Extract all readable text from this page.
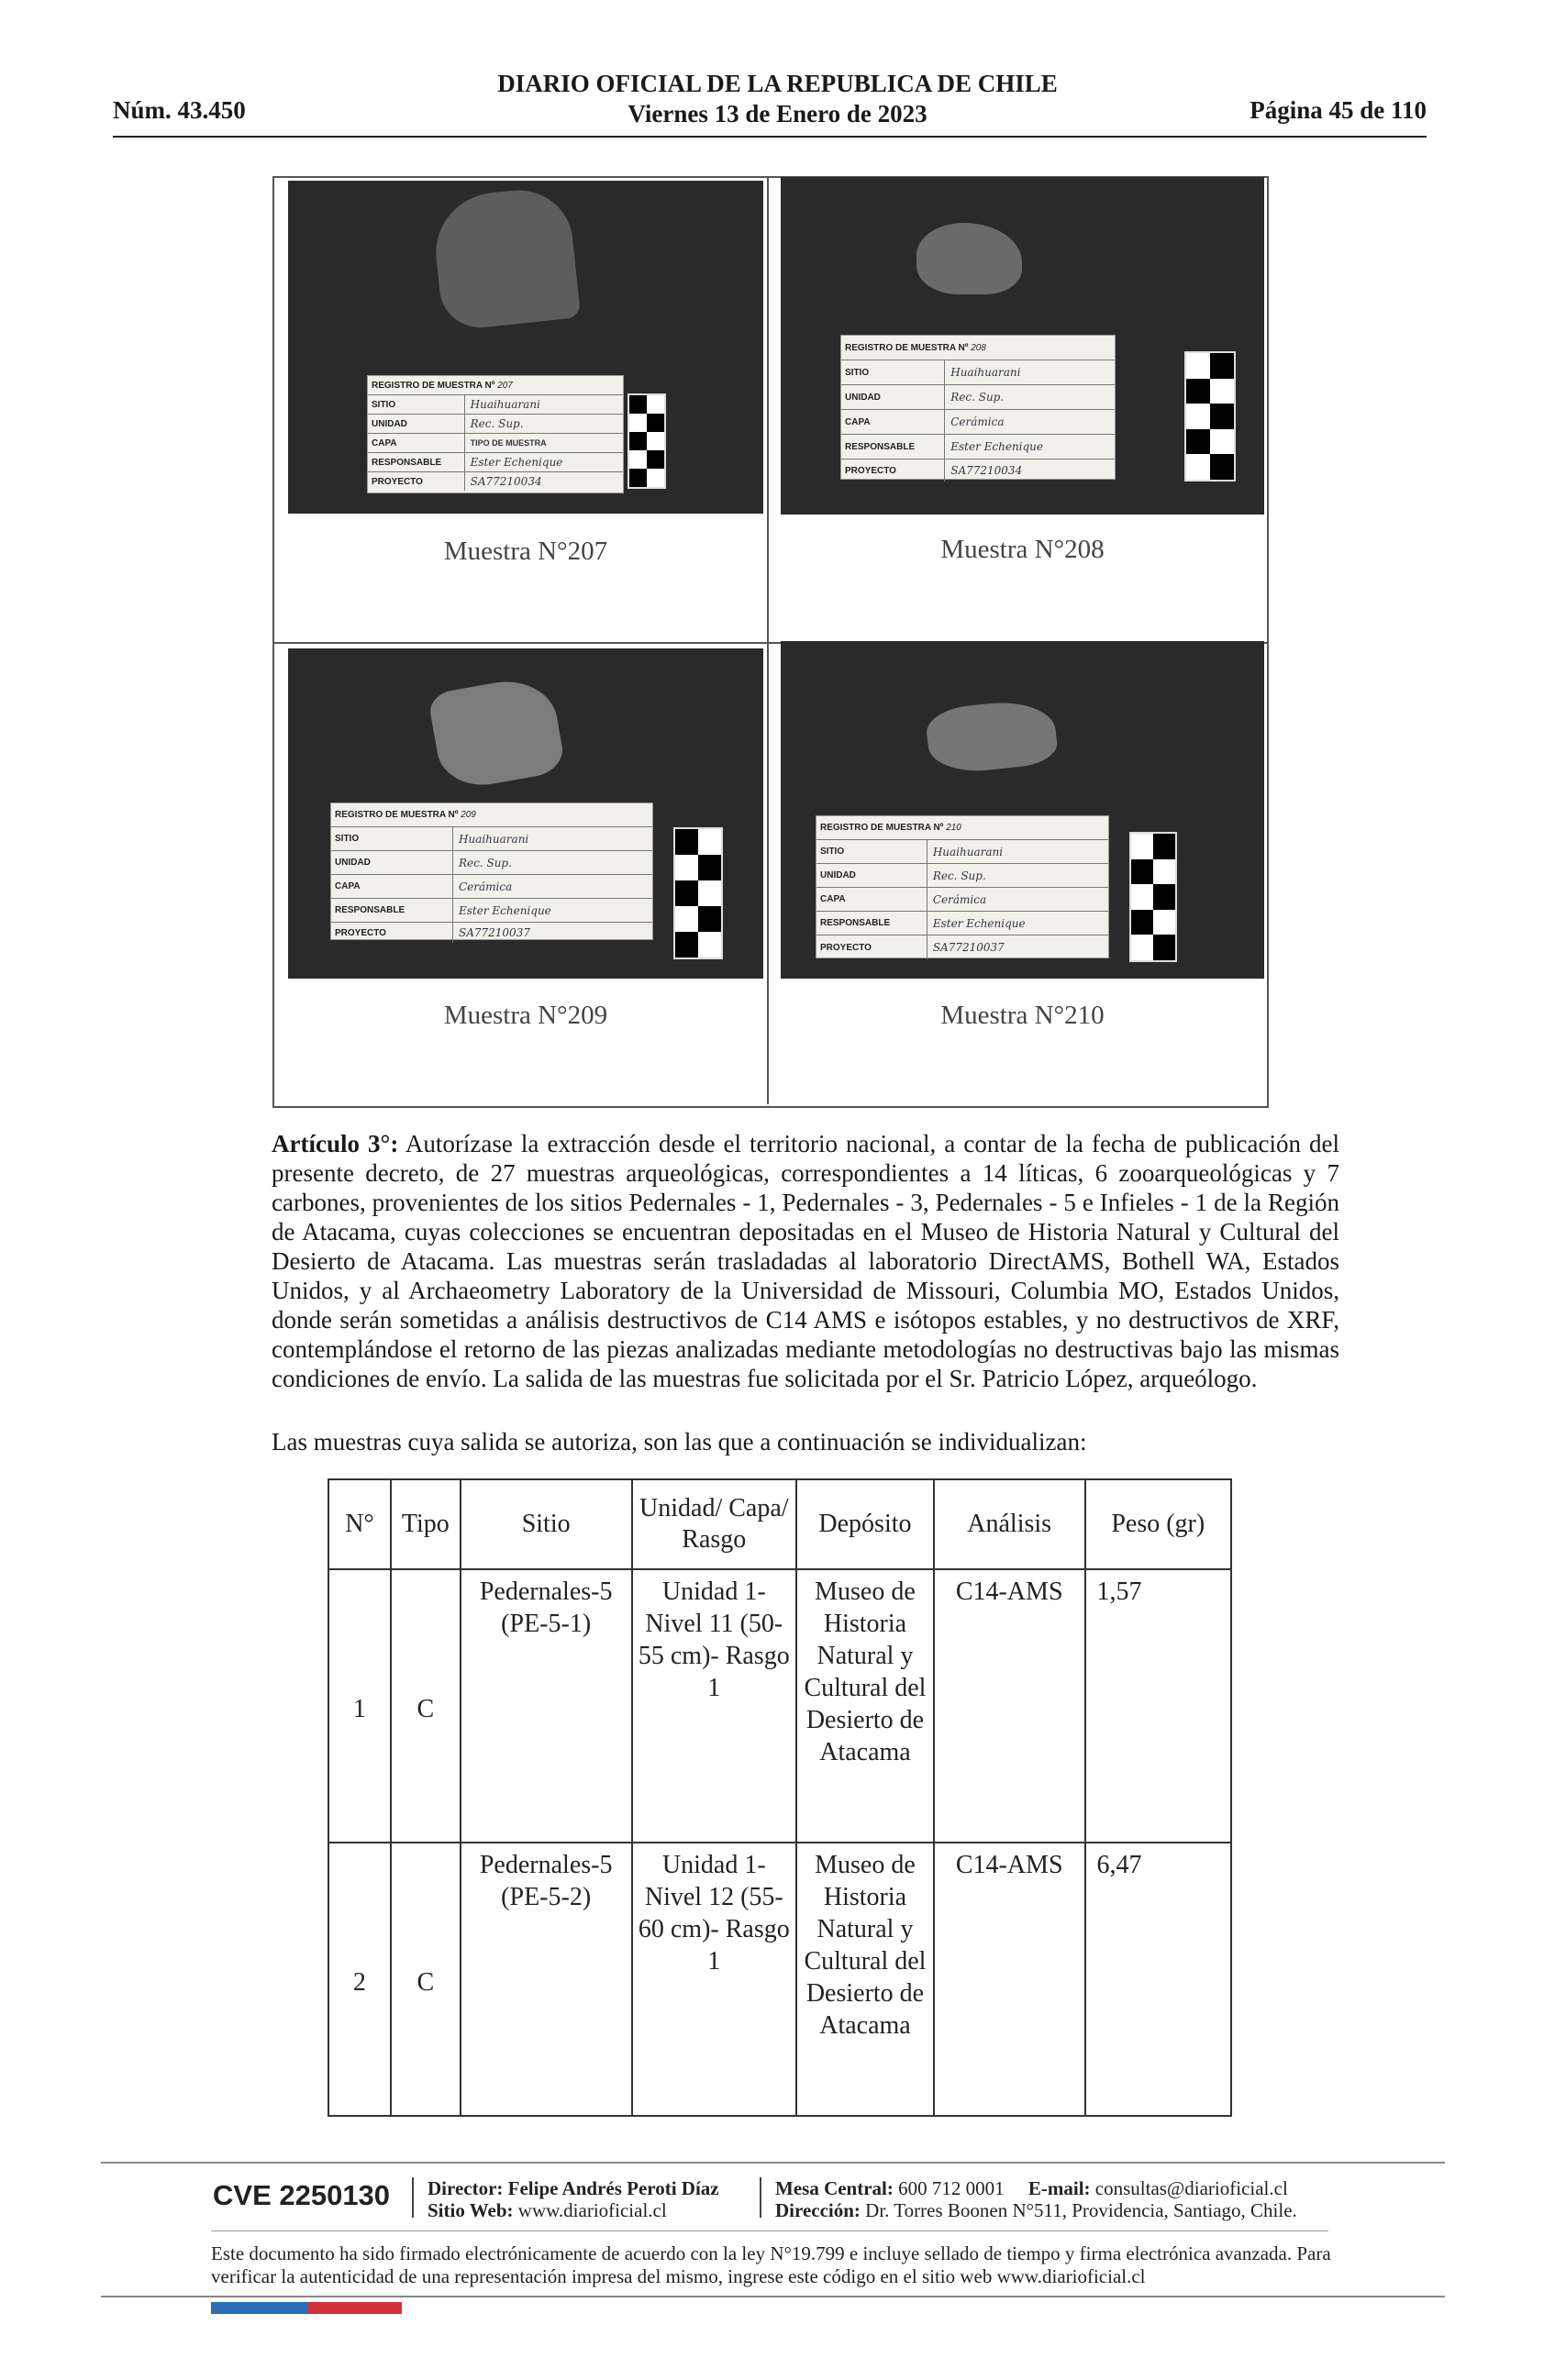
DIARIO OFICIAL DE LA REPUBLICA DE CHILE
Viernes 13 de Enero de 2023
Núm. 43.450	Página 45 de 110
REGISTRO DE MUESTRA Nº
207
SITIO	Huaihuarani
UNIDAD	Rec. Sup.
CAPA	TIPO DE MUESTRA
RESPONSABLE	Ester Echenique
PROYECTO	SA77210034
Muestra N°207
REGISTRO DE MUESTRA Nº
208
SITIO	Huaihuarani
UNIDAD	Rec. Sup.
CAPA	Cerámica
RESPONSABLE	Ester Echenique
PROYECTO	SA77210034
Muestra N°208
REGISTRO DE MUESTRA Nº
209
SITIO	Huaihuarani
UNIDAD	Rec. Sup.
CAPA	Cerámica
RESPONSABLE	Ester Echenique
PROYECTO	SA77210037
Muestra N°209
REGISTRO DE MUESTRA Nº
210
SITIO	Huaihuarani
UNIDAD	Rec. Sup.
CAPA	Cerámica
RESPONSABLE	Ester Echenique
PROYECTO	SA77210037
Muestra N°210

Artículo 3°: Autorízase la extracción desde el territorio nacional, a contar de la fecha de publicación del presente decreto, de 27 muestras arqueológicas, correspondientes a 14 líticas, 6 zooarqueológicas y 7 carbones, provenientes de los sitios Pedernales - 1, Pedernales - 3, Pedernales - 5 e Infieles - 1 de la Región de Atacama, cuyas colecciones se encuentran depositadas en el Museo de Historia Natural y Cultural del Desierto de Atacama. Las muestras serán trasladadas al laboratorio DirectAMS, Bothell WA, Estados Unidos, y al Archaeometry Laboratory de la Universidad de Missouri, Columbia MO, Estados Unidos, donde serán sometidas a análisis destructivos de C14 AMS e isótopos estables, y no destructivos de XRF, contemplándose el retorno de las piezas analizadas mediante metodologías no destructivas bajo las mismas condiciones de envío. La salida de las muestras fue solicitada por el Sr. Patricio López, arqueólogo.

Las muestras cuya salida se autoriza, son las que a continuación se individualizan:

N°	Tipo	Sitio	Unidad/ Capa/ Rasgo	Depósito	Análisis	Peso (gr)
1	C	Pedernales-5 (PE-5-1)	Unidad 1- Nivel 11 (50- 55 cm)- Rasgo 1	Museo de Historia Natural y Cultural del Desierto de Atacama	C14-AMS	1,57
2	C	Pedernales-5 (PE-5-2)	Unidad 1- Nivel 12 (55- 60 cm)- Rasgo 1	Museo de Historia Natural y Cultural del Desierto de Atacama	C14-AMS	6,47
CVE 2250130 Director: Felipe Andrés Peroti Díaz
Sitio Web: www.diarioficial.cl
Mesa Central: 600 712 0001 E-mail: consultas@diarioficial.cl
Dirección: Dr. Torres Boonen N°511, Providencia, Santiago, Chile.
Este documento ha sido firmado electrónicamente de acuerdo con la ley N°19.799 e incluye sellado de tiempo y firma electrónica avanzada. Para verificar la autenticidad de una representación impresa del mismo, ingrese este código en el sitio web www.diarioficial.cl
